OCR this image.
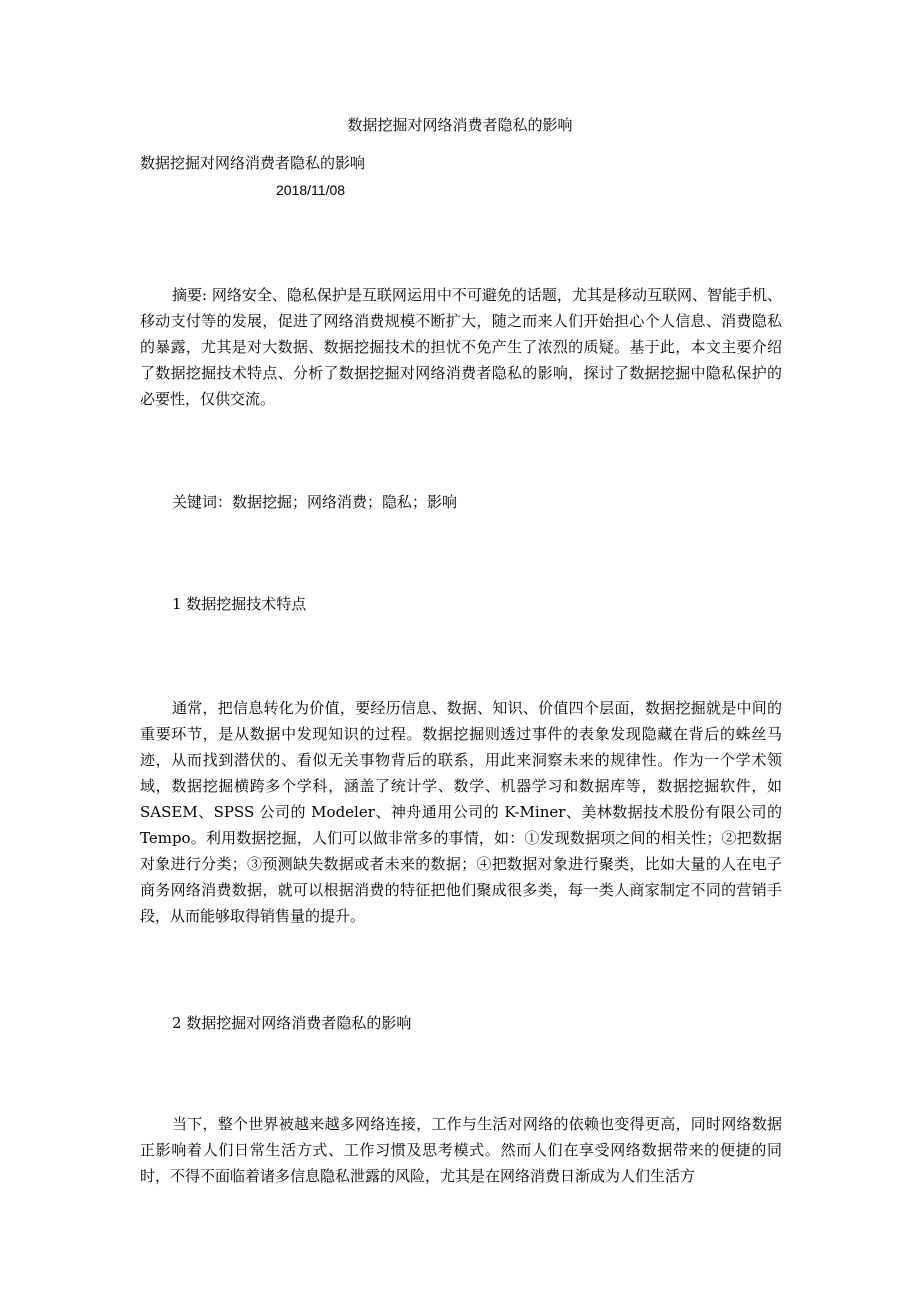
数据挖掘对网络消费者隐私的影响
数据挖掘对网络消费者隐私的影响
2018/11/08

摘要: 网络安全、隐私保护是互联网运用中不可避免的话题，尤其是移动互联网、智能手机、移动支付等的发展，促进了网络消费规模不断扩大，随之而来人们开始担心个人信息、消费隐私的暴露，尤其是对大数据、数据挖掘技术的担忧不免产生了浓烈的质疑。基于此，本文主要介绍了数据挖掘技术特点、分析了数据挖掘对网络消费者隐私的影响，探讨了数据挖掘中隐私保护的必要性，仅供交流。

关键词：数据挖掘；网络消费；隐私；影响

1 数据挖掘技术特点

通常，把信息转化为价值，要经历信息、数据、知识、价值四个层面，数据挖掘就是中间的重要环节，是从数据中发现知识的过程。数据挖掘则透过事件的表象发现隐藏在背后的蛛丝马迹，从而找到潜伏的、看似无关事物背后的联系，用此来洞察未来的规律性。作为一个学术领域，数据挖掘横跨多个学科，涵盖了统计学、数学、机器学习和数据库等，数据挖掘软件，如 SASEM、SPSS 公司的 Modeler、神舟通用公司的 K-Miner、美林数据技术股份有限公司的 Tempo。利用数据挖掘，人们可以做非常多的事情，如：①发现数据项之间的相关性；②把数据对象进行分类；③预测缺失数据或者未来的数据；④把数据对象进行聚类，比如大量的人在电子商务网络消费数据，就可以根据消费的特征把他们聚成很多类，每一类人商家制定不同的营销手段，从而能够取得销售量的提升。

2 数据挖掘对网络消费者隐私的影响

当下，整个世界被越来越多网络连接，工作与生活对网络的依赖也变得更高，同时网络数据正影响着人们日常生活方式、工作习惯及思考模式。然而人们在享受网络数据带来的便捷的同时，不得不面临着诸多信息隐私泄露的风险，尤其是在网络消费日渐成为人们生活方
